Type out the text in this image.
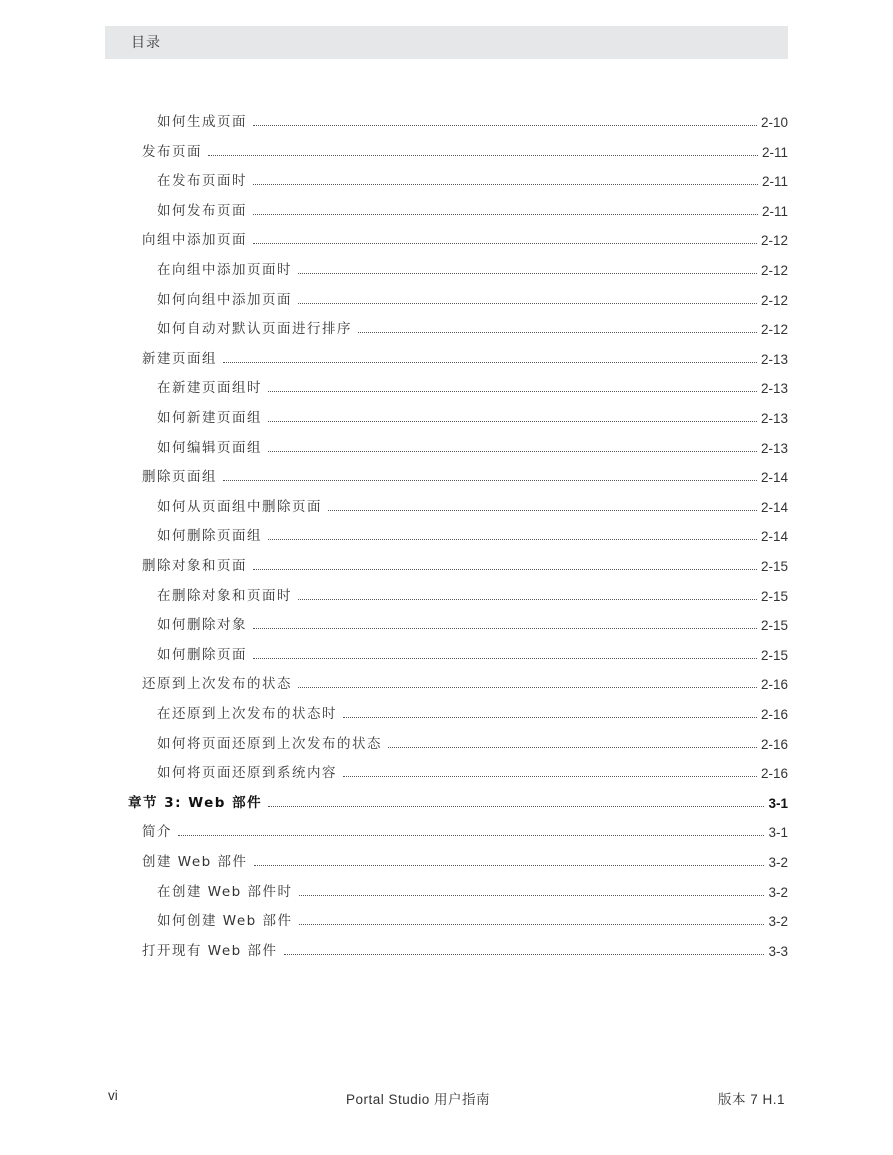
目录
如何生成页面	2-10
发布页面	2-11
在发布页面时	2-11
如何发布页面	2-11
向组中添加页面	2-12
在向组中添加页面时	2-12
如何向组中添加页面	2-12
如何自动对默认页面进行排序	2-12
新建页面组	2-13
在新建页面组时	2-13
如何新建页面组	2-13
如何编辑页面组	2-13
删除页面组	2-14
如何从页面组中删除页面	2-14
如何删除页面组	2-14
删除对象和页面	2-15
在删除对象和页面时	2-15
如何删除对象	2-15
如何删除页面	2-15
还原到上次发布的状态	2-16
在还原到上次发布的状态时	2-16
如何将页面还原到上次发布的状态	2-16
如何将页面还原到系统内容	2-16
章节 3: Web 部件	3-1
简介	3-1
创建 Web 部件	3-2
在创建 Web 部件时	3-2
如何创建 Web 部件	3-2
打开现有 Web 部件	3-3
vi	Portal Studio 用户指南	版本 7 H.1
